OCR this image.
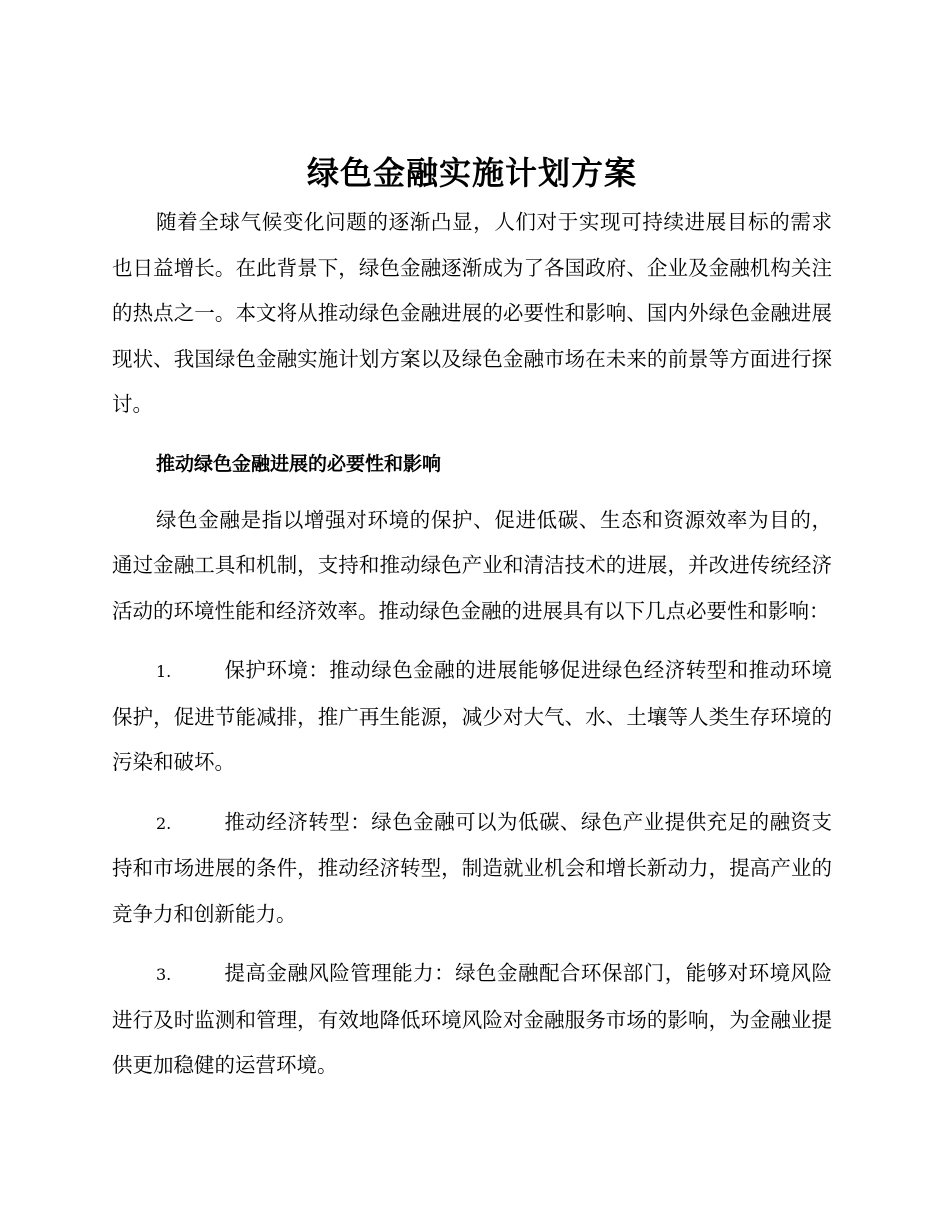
绿色金融实施计划方案

随着全球气候变化问题的逐渐凸显，人们对于实现可持续进展目标的需求也日益增长。在此背景下，绿色金融逐渐成为了各国政府、企业及金融机构关注的热点之一。本文将从推动绿色金融进展的必要性和影响、国内外绿色金融进展现状、我国绿色金融实施计划方案以及绿色金融市场在未来的前景等方面进行探讨。

推动绿色金融进展的必要性和影响

绿色金融是指以增强对环境的保护、促进低碳、生态和资源效率为目的，通过金融工具和机制，支持和推动绿色产业和清洁技术的进展，并改进传统经济活动的环境性能和经济效率。推动绿色金融的进展具有以下几点必要性和影响：

1.	保护环境：推动绿色金融的进展能够促进绿色经济转型和推动环境保护，促进节能减排，推广再生能源，减少对大气、水、土壤等人类生存环境的污染和破坏。

2.	推动经济转型：绿色金融可以为低碳、绿色产业提供充足的融资支持和市场进展的条件，推动经济转型，制造就业机会和增长新动力，提高产业的竞争力和创新能力。

3.	提高金融风险管理能力：绿色金融配合环保部门，能够对环境风险进行及时监测和管理，有效地降低环境风险对金融服务市场的影响，为金融业提供更加稳健的运营环境。
